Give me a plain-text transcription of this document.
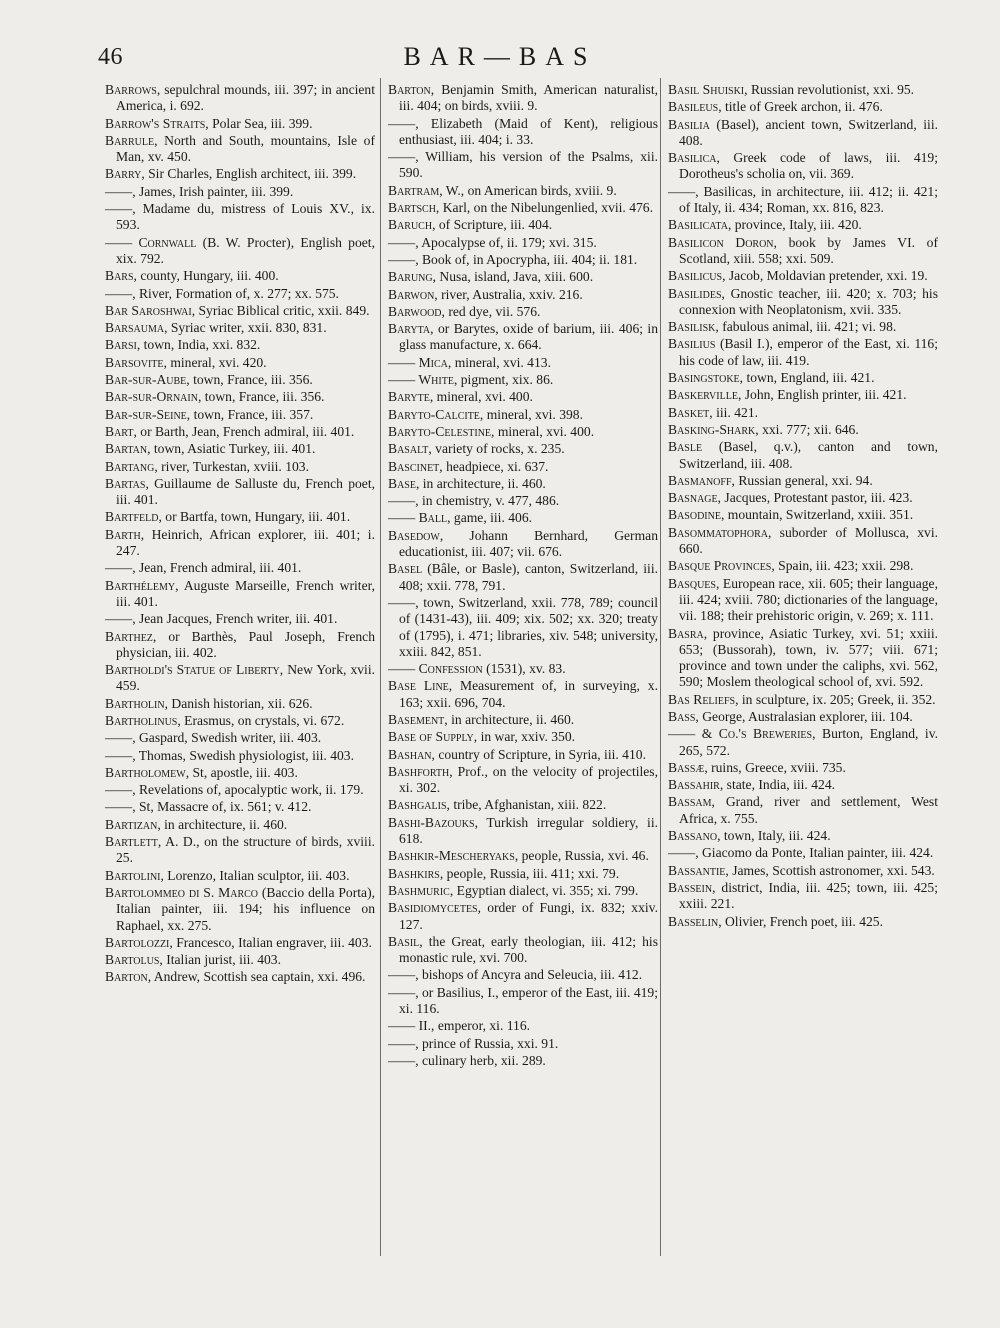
46	BAR—BAS

Barrows, sepulchral mounds, iii. 397; in ancient America, i. 692.

Barrow's Straits, Polar Sea, iii. 399.

Barrule, North and South, mountains, Isle of Man, xv. 450.

Barry, Sir Charles, English architect, iii. 399.

——, James, Irish painter, iii. 399.

——, Madame du, mistress of Louis XV., ix. 593.

—— Cornwall (B. W. Procter), English poet, xix. 792.

Bars, county, Hungary, iii. 400.

——, River, Formation of, x. 277; xx. 575.

Bar Saroshwai, Syriac Biblical critic, xxii. 849.

Barsauma, Syriac writer, xxii. 830, 831.

Barsi, town, India, xxi. 832.

Barsovite, mineral, xvi. 420.

Bar-sur-Aube, town, France, iii. 356.

Bar-sur-Ornain, town, France, iii. 356.

Bar-sur-Seine, town, France, iii. 357.

Bart, or Barth, Jean, French admiral, iii. 401.

Bartan, town, Asiatic Turkey, iii. 401.

Bartang, river, Turkestan, xviii. 103.

Bartas, Guillaume de Salluste du, French poet, iii. 401.

Bartfeld, or Bartfa, town, Hungary, iii. 401.

Barth, Heinrich, African explorer, iii. 401; i. 247.

——, Jean, French admiral, iii. 401.

Barthélemy, Auguste Marseille, French writer, iii. 401.

——, Jean Jacques, French writer, iii. 401.

Barthez, or Barthès, Paul Joseph, French physician, iii. 402.

Bartholdi's Statue of Liberty, New York, xvii. 459.

Bartholin, Danish historian, xii. 626.

Bartholinus, Erasmus, on crystals, vi. 672.

——, Gaspard, Swedish writer, iii. 403.

——, Thomas, Swedish physiologist, iii. 403.

Bartholomew, St, apostle, iii. 403.

——, Revelations of, apocalyptic work, ii. 179.

——, St, Massacre of, ix. 561; v. 412.

Bartizan, in architecture, ii. 460.

Bartlett, A. D., on the structure of birds, xviii. 25.

Bartolini, Lorenzo, Italian sculptor, iii. 403.

Bartolommeo di S. Marco (Baccio della Porta), Italian painter, iii. 194; his influence on Raphael, xx. 275.

Bartolozzi, Francesco, Italian engraver, iii. 403.

Bartolus, Italian jurist, iii. 403.

Barton, Andrew, Scottish sea captain, xxi. 496.

Barton, Benjamin Smith, American naturalist, iii. 404; on birds, xviii. 9.

——, Elizabeth (Maid of Kent), religious enthusiast, iii. 404; i. 33.

——, William, his version of the Psalms, xii. 590.

Bartram, W., on American birds, xviii. 9.

Bartsch, Karl, on the Nibelungenlied, xvii. 476.

Baruch, of Scripture, iii. 404.

——, Apocalypse of, ii. 179; xvi. 315.

——, Book of, in Apocrypha, iii. 404; ii. 181.

Barung, Nusa, island, Java, xiii. 600.

Barwon, river, Australia, xxiv. 216.

Barwood, red dye, vii. 576.

Baryta, or Barytes, oxide of barium, iii. 406; in glass manufacture, x. 664.

—— Mica, mineral, xvi. 413.

—— White, pigment, xix. 86.

Baryte, mineral, xvi. 400.

Baryto-Calcite, mineral, xvi. 398.

Baryto-Celestine, mineral, xvi. 400.

Basalt, variety of rocks, x. 235.

Bascinet, headpiece, xi. 637.

Base, in architecture, ii. 460.

——, in chemistry, v. 477, 486.

—— Ball, game, iii. 406.

Basedow, Johann Bernhard, German educationist, iii. 407; vii. 676.

Basel (Bâle, or Basle), canton, Switzerland, iii. 408; xxii. 778, 791.

——, town, Switzerland, xxii. 778, 789; council of (1431-43), iii. 409; xix. 502; xx. 320; treaty of (1795), i. 471; libraries, xiv. 548; university, xxiii. 842, 851.

—— Confession (1531), xv. 83.

Base Line, Measurement of, in surveying, x. 163; xxii. 696, 704.

Basement, in architecture, ii. 460.

Base of Supply, in war, xxiv. 350.

Bashan, country of Scripture, in Syria, iii. 410.

Bashforth, Prof., on the velocity of projectiles, xi. 302.

Bashgalis, tribe, Afghanistan, xiii. 822.

Bashi-Bazouks, Turkish irregular soldiery, ii. 618.

Bashkir-Mescheryaks, people, Russia, xvi. 46.

Bashkirs, people, Russia, iii. 411; xxi. 79.

Bashmuric, Egyptian dialect, vi. 355; xi. 799.

Basidiomycetes, order of Fungi, ix. 832; xxiv. 127.

Basil, the Great, early theologian, iii. 412; his monastic rule, xvi. 700.

——, bishops of Ancyra and Seleucia, iii. 412.

——, or Basilius, I., emperor of the East, iii. 419; xi. 116.

—— II., emperor, xi. 116.

——, prince of Russia, xxi. 91.

——, culinary herb, xii. 289.

Basil Shuiski, Russian revolutionist, xxi. 95.

Basileus, title of Greek archon, ii. 476.

Basilia (Basel), ancient town, Switzerland, iii. 408.

Basilica, Greek code of laws, iii. 419; Dorotheus's scholia on, vii. 369.

——, Basilicas, in architecture, iii. 412; ii. 421; of Italy, ii. 434; Roman, xx. 816, 823.

Basilicata, province, Italy, iii. 420.

Basilicon Doron, book by James VI. of Scotland, xiii. 558; xxi. 509.

Basilicus, Jacob, Moldavian pretender, xxi. 19.

Basilides, Gnostic teacher, iii. 420; x. 703; his connexion with Neoplatonism, xvii. 335.

Basilisk, fabulous animal, iii. 421; vi. 98.

Basilius (Basil I.), emperor of the East, xi. 116; his code of law, iii. 419.

Basingstoke, town, England, iii. 421.

Baskerville, John, English printer, iii. 421.

Basket, iii. 421.

Basking-Shark, xxi. 777; xii. 646.

Basle (Basel, q.v.), canton and town, Switzerland, iii. 408.

Basmanoff, Russian general, xxi. 94.

Basnage, Jacques, Protestant pastor, iii. 423.

Basodine, mountain, Switzerland, xxiii. 351.

Basommatophora, suborder of Mollusca, xvi. 660.

Basque Provinces, Spain, iii. 423; xxii. 298.

Basques, European race, xii. 605; their language, iii. 424; xviii. 780; dictionaries of the language, vii. 188; their prehistoric origin, v. 269; x. 111.

Basra, province, Asiatic Turkey, xvi. 51; xxiii. 653; (Bussorah), town, iv. 577; viii. 671; province and town under the caliphs, xvi. 562, 590; Moslem theological school of, xvi. 592.

Bas Reliefs, in sculpture, ix. 205; Greek, ii. 352.

Bass, George, Australasian explorer, iii. 104.

—— & Co.'s Breweries, Burton, England, iv. 265, 572.

Bassæ, ruins, Greece, xviii. 735.

Bassahir, state, India, iii. 424.

Bassam, Grand, river and settlement, West Africa, x. 755.

Bassano, town, Italy, iii. 424.

——, Giacomo da Ponte, Italian painter, iii. 424.

Bassantie, James, Scottish astronomer, xxi. 543.

Bassein, district, India, iii. 425; town, iii. 425; xxiii. 221.

Basselin, Olivier, French poet, iii. 425.
